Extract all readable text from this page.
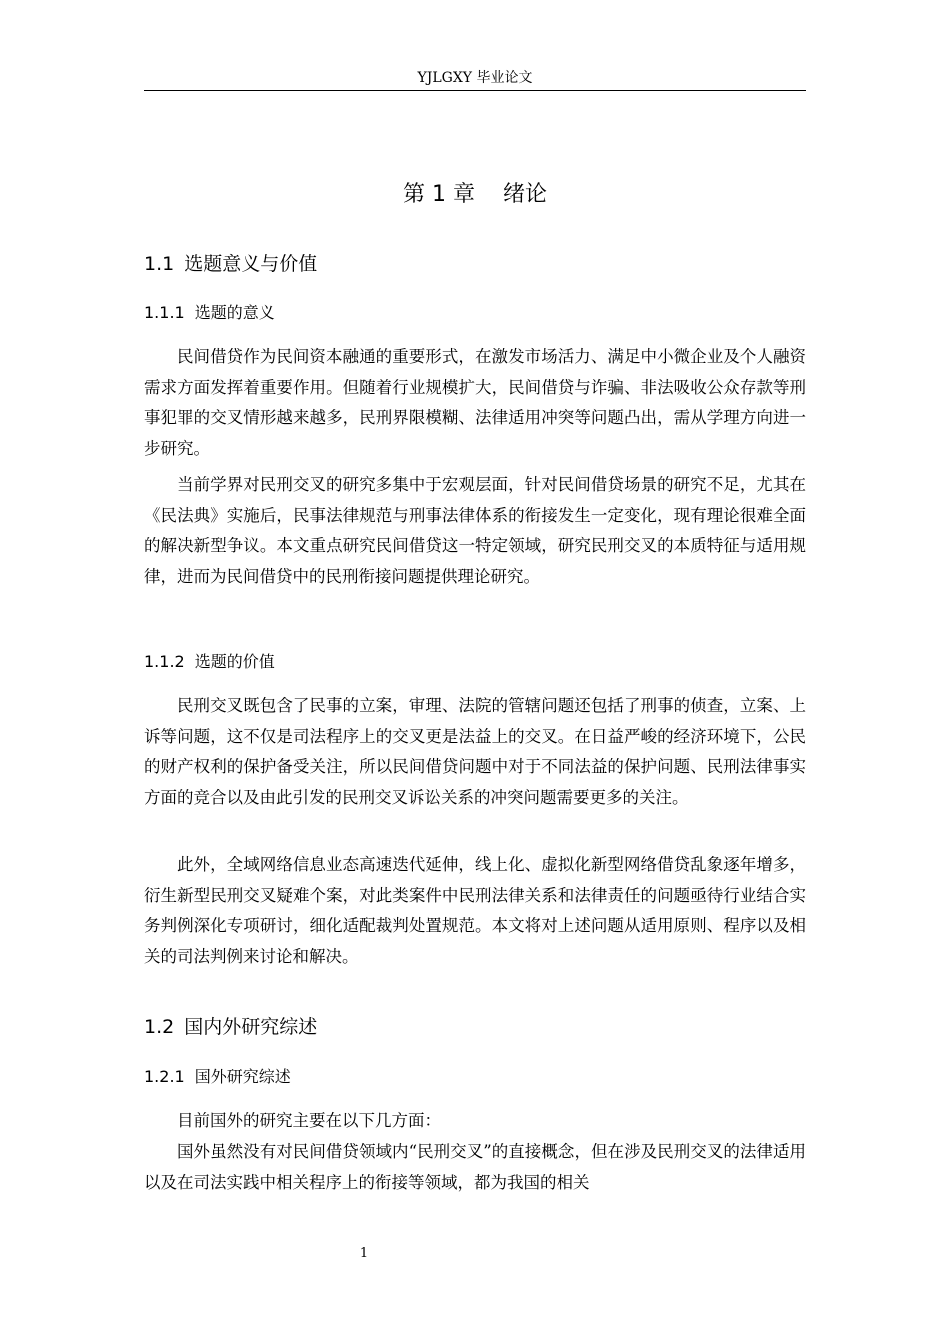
YJLGXY 毕业论文
第 1 章 绪论
1.1 选题意义与价值
1.1.1 选题的意义

民间借贷作为民间资本融通的重要形式，在激发市场活力、满足中小微企业及个人融资需求方面发挥着重要作用。但随着行业规模扩大，民间借贷与诈骗、非法吸收公众存款等刑事犯罪的交叉情形越来越多，民刑界限模糊、法律适用冲突等问题凸出，需从学理方向进一步研究。

当前学界对民刑交叉的研究多集中于宏观层面，针对民间借贷场景的研究不足，尤其在《民法典》实施后，民事法律规范与刑事法律体系的衔接发生一定变化，现有理论很难全面的解决新型争议。本文重点研究民间借贷这一特定领域，研究民刑交叉的本质特征与适用规律，进而为民间借贷中的民刑衔接问题提供理论研究。

1.1.2 选题的价值

民刑交叉既包含了民事的立案，审理、法院的管辖问题还包括了刑事的侦查，立案、上诉等问题，这不仅是司法程序上的交叉更是法益上的交叉。在日益严峻的经济环境下，公民的财产权利的保护备受关注，所以民间借贷问题中对于不同法益的保护问题、民刑法律事实方面的竞合以及由此引发的民刑交叉诉讼关系的冲突问题需要更多的关注。

此外，全域网络信息业态高速迭代延伸，线上化、虚拟化新型网络借贷乱象逐年增多，衍生新型民刑交叉疑难个案，对此类案件中民刑法律关系和法律责任的问题亟待行业结合实务判例深化专项研讨，细化适配裁判处置规范。本文将对上述问题从适用原则、程序以及相关的司法判例来讨论和解决。

1.2 国内外研究综述
1.2.1 国外研究综述

目前国外的研究主要在以下几方面：

国外虽然没有对民间借贷领域内“民刑交叉”的直接概念，但在涉及民刑交叉的法律适用以及在司法实践中相关程序上的衔接等领域，都为我国的相关

1
